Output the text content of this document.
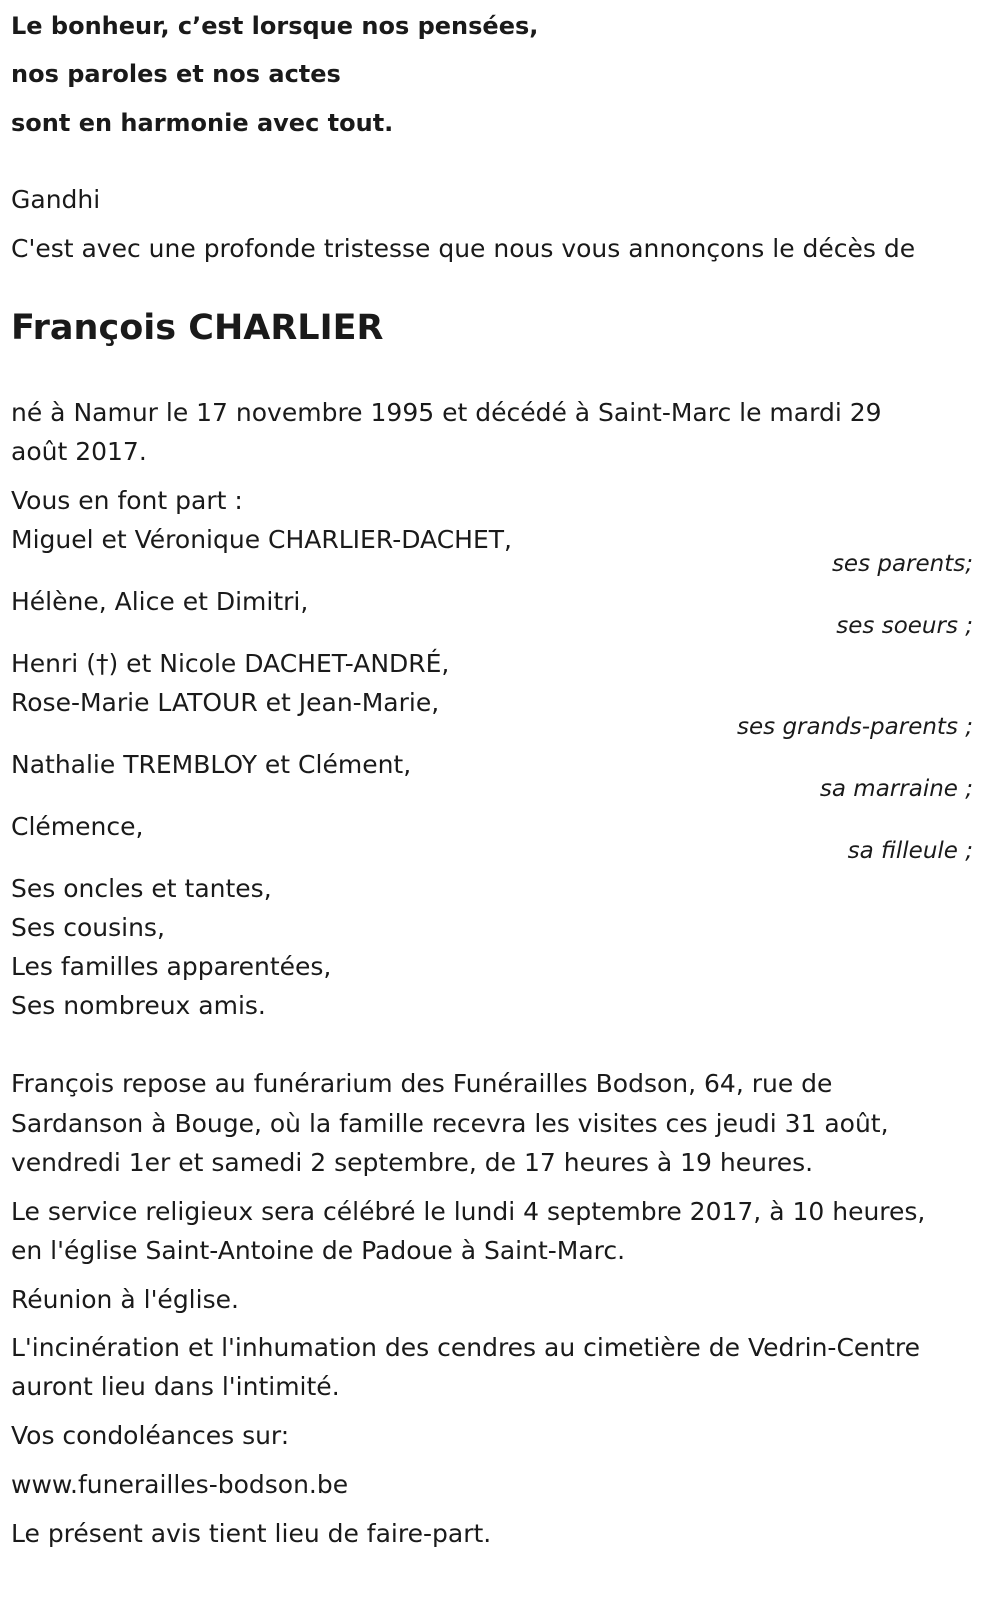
Le bonheur, c’est lorsque nos pensées,
nos paroles et nos actes
sont en harmonie avec tout.
Gandhi
C'est avec une profonde tristesse que nous vous annonçons le décès de
François CHARLIER
né à Namur le 17 novembre 1995 et décédé à Saint-Marc le mardi 29
août 2017.
Vous en font part :
Miguel et Véronique CHARLIER-DACHET,
ses parents;
Hélène, Alice et Dimitri,
ses soeurs ;
Henri (†) et Nicole DACHET-ANDRÉ,
Rose-Marie LATOUR et Jean-Marie,
ses grands-parents ;
Nathalie TREMBLOY et Clément,
sa marraine ;
Clémence,
sa filleule ;
Ses oncles et tantes,
Ses cousins,
Les familles apparentées,
Ses nombreux amis.
François repose au funérarium des Funérailles Bodson, 64, rue de
Sardanson à Bouge, où la famille recevra les visites ces jeudi 31 août,
vendredi 1er et samedi 2 septembre, de 17 heures à 19 heures.
Le service religieux sera célébré le lundi 4 septembre 2017, à 10 heures,
en l'église Saint-Antoine de Padoue à Saint-Marc.
Réunion à l'église.
L'incinération et l'inhumation des cendres au cimetière de Vedrin-Centre
auront lieu dans l'intimité.
Vos condoléances sur:
www.funerailles-bodson.be
Le présent avis tient lieu de faire-part.
